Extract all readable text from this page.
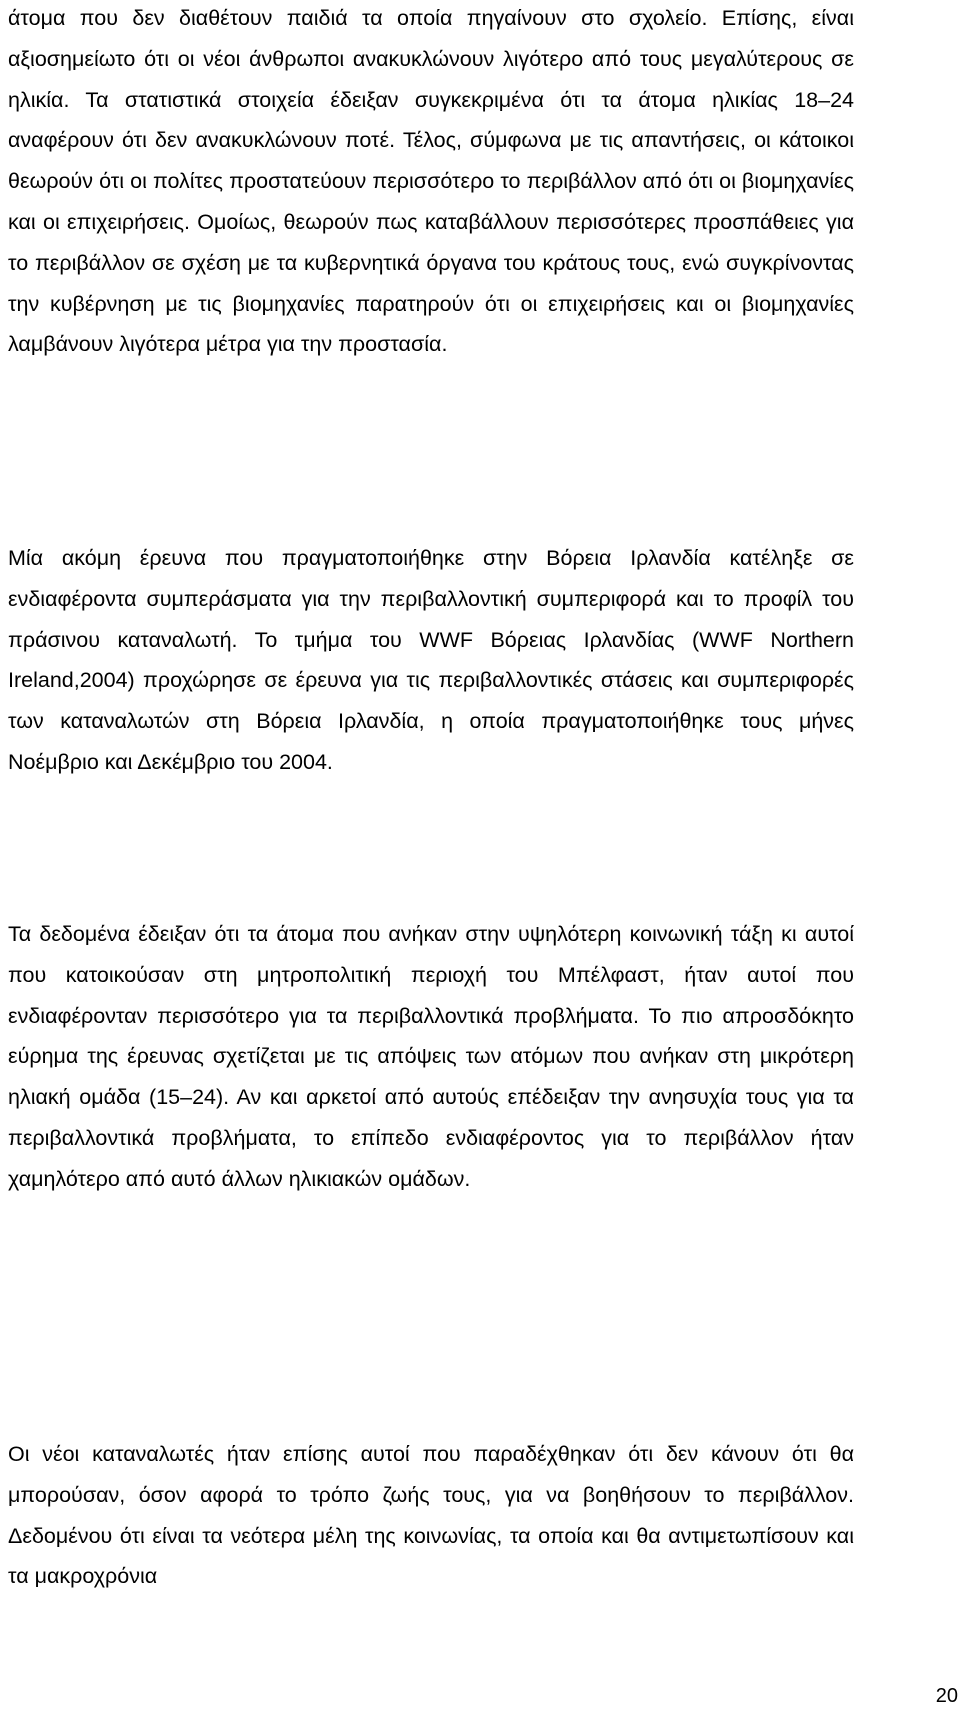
άτομα που δεν διαθέτουν παιδιά τα οποία πηγαίνουν στο σχολείο. Επίσης, είναι αξιοσημείωτο ότι οι νέοι άνθρωποι ανακυκλώνουν λιγότερο από τους μεγαλύτερους σε ηλικία. Τα στατιστικά στοιχεία έδειξαν συγκεκριμένα ότι τα άτομα ηλικίας 18–24 αναφέρουν ότι δεν ανακυκλώνουν ποτέ. Τέλος, σύμφωνα με τις απαντήσεις, οι κάτοικοι θεωρούν ότι οι πολίτες προστατεύουν περισσότερο το περιβάλλον από ότι οι βιομηχανίες και οι επιχειρήσεις. Ομοίως, θεωρούν πως καταβάλλουν περισσότερες προσπάθειες για το περιβάλλον σε σχέση με τα κυβερνητικά όργανα του κράτους τους, ενώ συγκρίνοντας την κυβέρνηση με τις βιομηχανίες παρατηρούν ότι οι επιχειρήσεις και οι βιομηχανίες λαμβάνουν λιγότερα μέτρα για την προστασία.

Μία ακόμη έρευνα που πραγματοποιήθηκε στην Βόρεια Ιρλανδία κατέληξε σε ενδιαφέροντα συμπεράσματα για την περιβαλλοντική συμπεριφορά και το προφίλ του πράσινου καταναλωτή. Το τμήμα του WWF Βόρειας Ιρλανδίας (WWF Northern Ireland,2004) προχώρησε σε έρευνα για τις περιβαλλοντικές στάσεις και συμπεριφορές των καταναλωτών στη Βόρεια Ιρλανδία, η οποία πραγματοποιήθηκε τους μήνες Νοέμβριο και Δεκέμβριο του 2004.

Τα δεδομένα έδειξαν ότι τα άτομα που ανήκαν στην υψηλότερη κοινωνική τάξη κι αυτοί που κατοικούσαν στη μητροπολιτική περιοχή του Μπέλφαστ, ήταν αυτοί που ενδιαφέρονταν περισσότερο για τα περιβαλλοντικά προβλήματα. Το πιο απροσδόκητο εύρημα της έρευνας σχετίζεται με τις απόψεις των ατόμων που ανήκαν στη μικρότερη ηλιακή ομάδα (15–24). Αν και αρκετοί από αυτούς επέδειξαν την ανησυχία τους για τα περιβαλλοντικά προβλήματα, το επίπεδο ενδιαφέροντος για το περιβάλλον ήταν χαμηλότερο από αυτό άλλων ηλικιακών ομάδων.

Οι νέοι καταναλωτές ήταν επίσης αυτοί που παραδέχθηκαν ότι δεν κάνουν ότι θα μπορούσαν, όσον αφορά το τρόπο ζωής τους, για να βοηθήσουν το περιβάλλον. Δεδομένου ότι είναι τα νεότερα μέλη της κοινωνίας, τα οποία και θα αντιμετωπίσουν και τα μακροχρόνια

20
